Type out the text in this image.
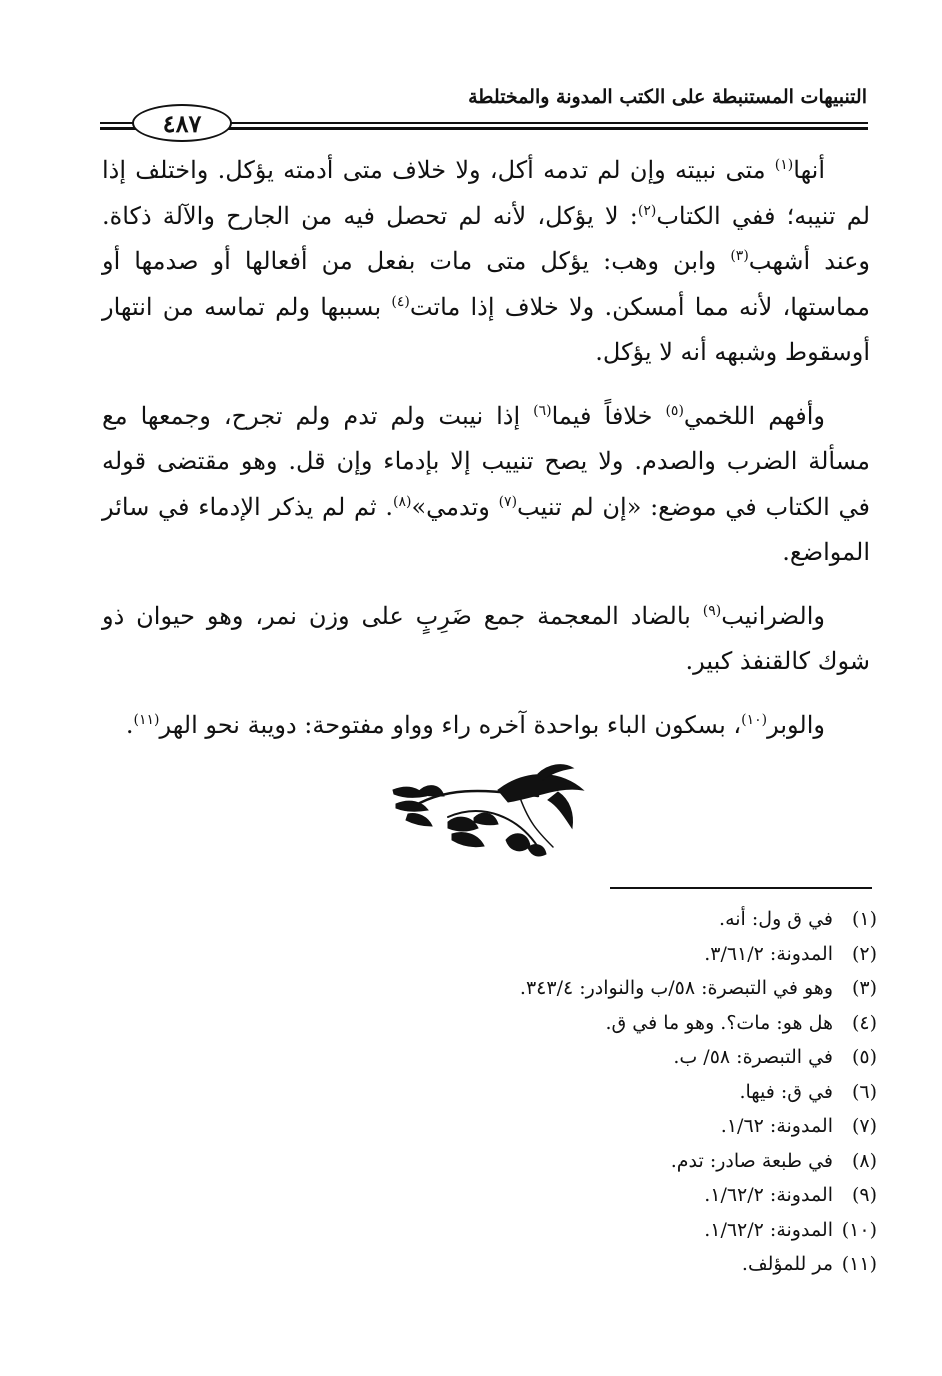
التنبيهات المستنبطة على الكتب المدونة والمختلطة
٤٨٧

أنها$^{(١)}$ متى نبيته وإن لم تدمه أكل، ولا خلاف متى أدمته يؤكل. واختلف إذا لم تنيبه؛ ففي الكتاب$^{(٢)}$: لا يؤكل، لأنه لم تحصل فيه من الجارح والآلة ذكاة. وعند أشهب$^{(٣)}$ وابن وهب: يؤكل متى مات بفعل من أفعالها أو صدمها أو مماستها، لأنه مما أمسكن. ولا خلاف إذا ماتت$^{(٤)}$ بسببها ولم تماسه من انتهار أوسقوط وشبهه أنه لا يؤكل.

وأفهم اللخمي$^{(٥)}$ خلافاً فيما$^{(٦)}$ إذا نيبت ولم تدم ولم تجرح، وجمعها مع مسألة الضرب والصدم. ولا يصح تنييب إلا بإدماء وإن قل. وهو مقتضى قوله في الكتاب في موضع: «إن لم تنيب$^{(٧)}$ وتدمي»$^{(٨)}$. ثم لم يذكر الإدماء في سائر المواضع.

والضرانيب$^{(٩)}$ بالضاد المعجمة جمع ضَرِبٍ على وزن نمر، وهو حيوان ذو شوك كالقنفذ كبير.

والوبر$^{(١٠)}$، بسكون الباء بواحدة آخره راء وواو مفتوحة: دويبة نحو الهر$^{(١١)}$.

(١)في ق ول: أنه.
(٢)المدونة: ٣/٦١/٢.
(٣)وهو في التبصرة: ٥٨/ب والنوادر: ٣٤٣/٤.
(٤)هل هو: مات؟. وهو ما في ق.
(٥)في التبصرة: ٥٨/ ب.
(٦)في ق: فيها.
(٧)المدونة: ١/٦٢.
(٨)في طبعة صادر: تدم.
(٩)المدونة: ١/٦٢/٢.
(١٠)المدونة: ١/٦٢/٢.
(١١)مر للمؤلف.
